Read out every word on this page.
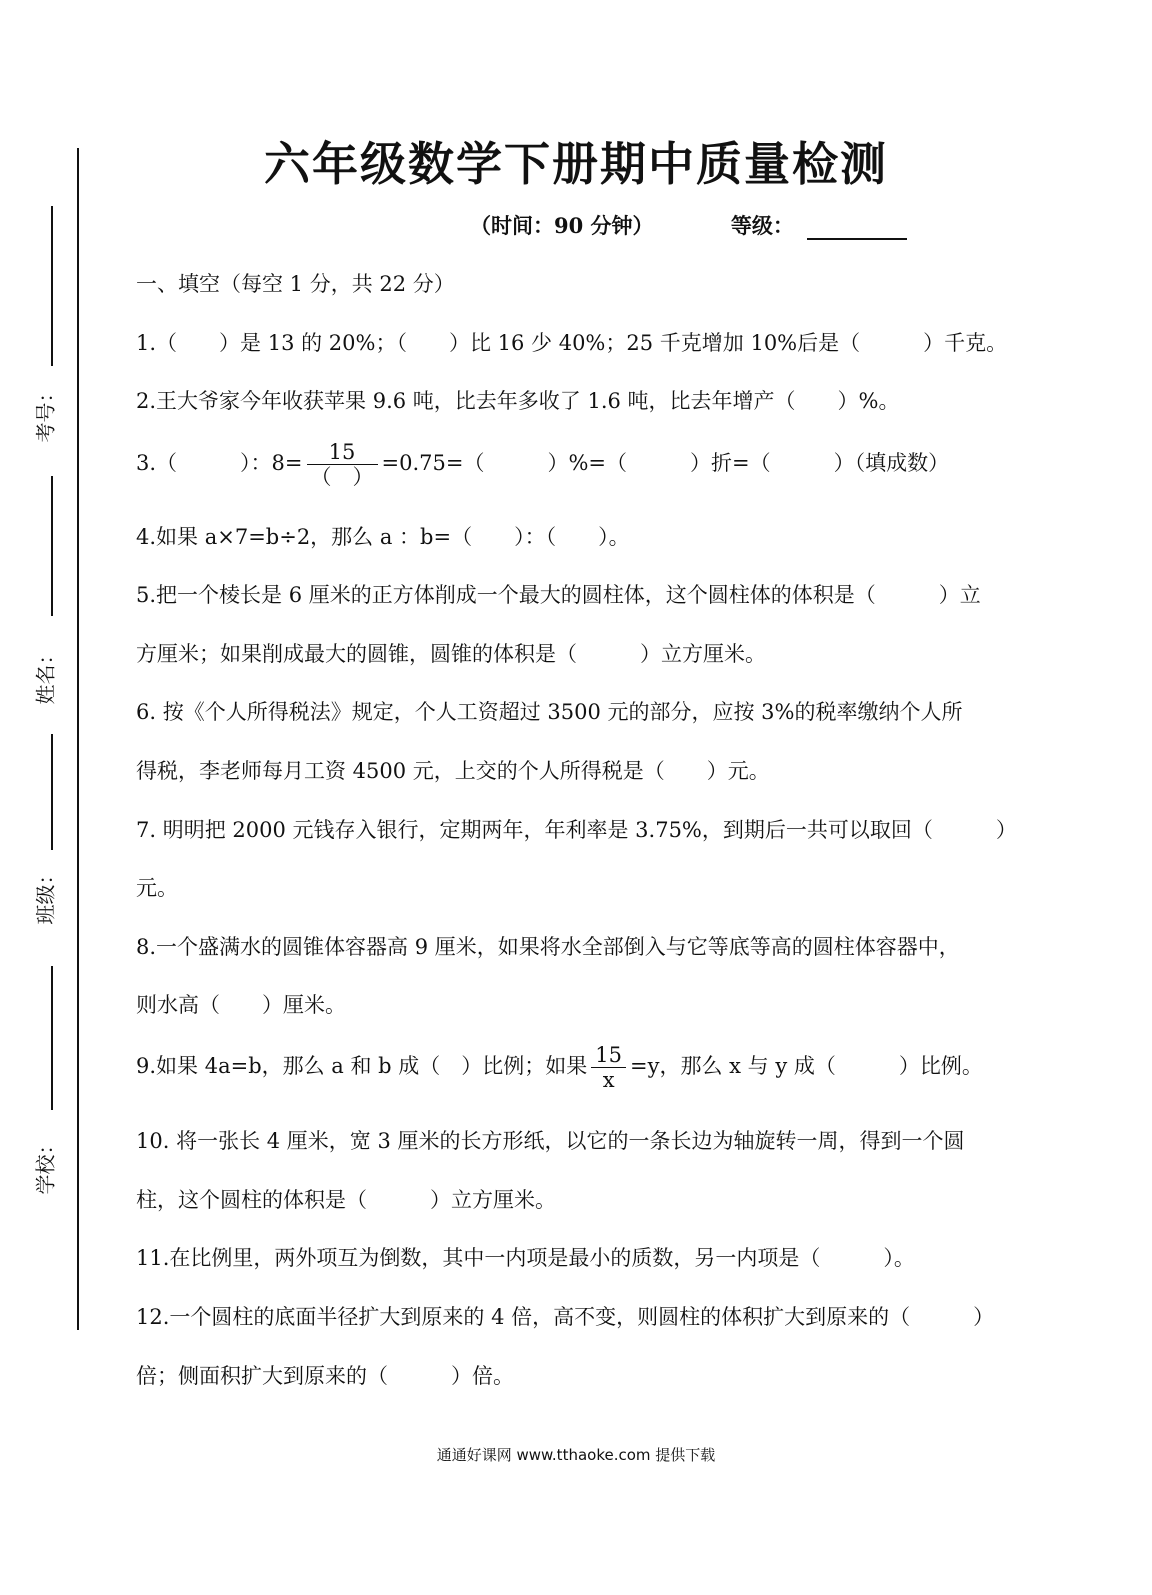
考号：
姓名：
班级：
学校：
六年级数学下册期中质量检测
（时间：90 分钟）	等级：
一、填空（每空 1 分，共 22 分）
1.（　　）是 13 的 20%；（　　）比 16 少 40%；25 千克增加 10%后是（　　　）千克。
2.王大爷家今年收获苹果 9.6 吨，比去年多收了 1.6 吨，比去年增产（　　）%。
3.（　　　）：$8= \frac{15}{( )} =0.75=$（　　　）%=（　　　）折=（　　　）（填成数）
4.如果 a×7=b÷2，那么 a ：b=（　　）：（　　）。
5.把一个棱长是 6 厘米的正方体削成一个最大的圆柱体，这个圆柱体的体积是（　　　）立
方厘米；如果削成最大的圆锥，圆锥的体积是（　　　）立方厘米。
6. 按《个人所得税法》规定，个人工资超过 3500 元的部分，应按 3%的税率缴纳个人所
得税，李老师每月工资 4500 元，上交的个人所得税是（　　）元。
7. 明明把 2000 元钱存入银行，定期两年，年利率是 3.75%，到期后一共可以取回（　　　）
元。
8.一个盛满水的圆锥体容器高 9 厘米，如果将水全部倒入与它等底等高的圆柱体容器中，
则水高（　　）厘米。
9.如果 4a=b，那么 a 和 b 成（　）比例；如果 $\frac{15}{x} =y$，那么 x 与 y 成（　　　）比例。
10. 将一张长 4 厘米，宽 3 厘米的长方形纸，以它的一条长边为轴旋转一周，得到一个圆
柱，这个圆柱的体积是（　　　）立方厘米。
11.在比例里，两外项互为倒数，其中一内项是最小的质数，另一内项是（　　　）。
12.一个圆柱的底面半径扩大到原来的 4 倍，高不变，则圆柱的体积扩大到原来的（　　　）
倍；侧面积扩大到原来的（　　　）倍。
通通好课网 www.tthaoke.com 提供下载
